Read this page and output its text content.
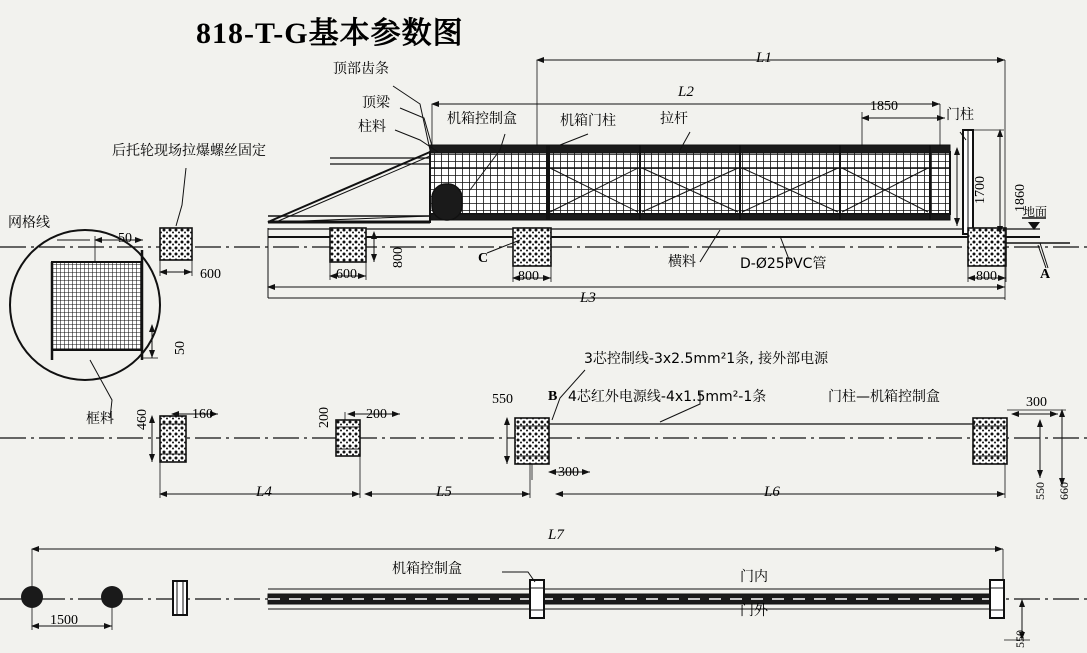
818-T-G基本参数图
L1
L2
L3
1850
顶部齿条
顶梁
柱料	机箱控制盒	机箱门柱	拉杆	门柱
地面
横料	D-Ø25PVC管
后托轮现场拉爆螺丝固定
网格线
框料
C
A
50
50
600	600
800
800	800
1700 1860
3芯控制线-3x2.5mm²1条, 接外部电源
4芯红外电源线-4x1.5mm²-1条	门柱—机箱控制盒
B
L4	L5	L6
460	160	200 200
550
300
300
550 660
L7
机箱控制盒	门内
门外
1500
550
